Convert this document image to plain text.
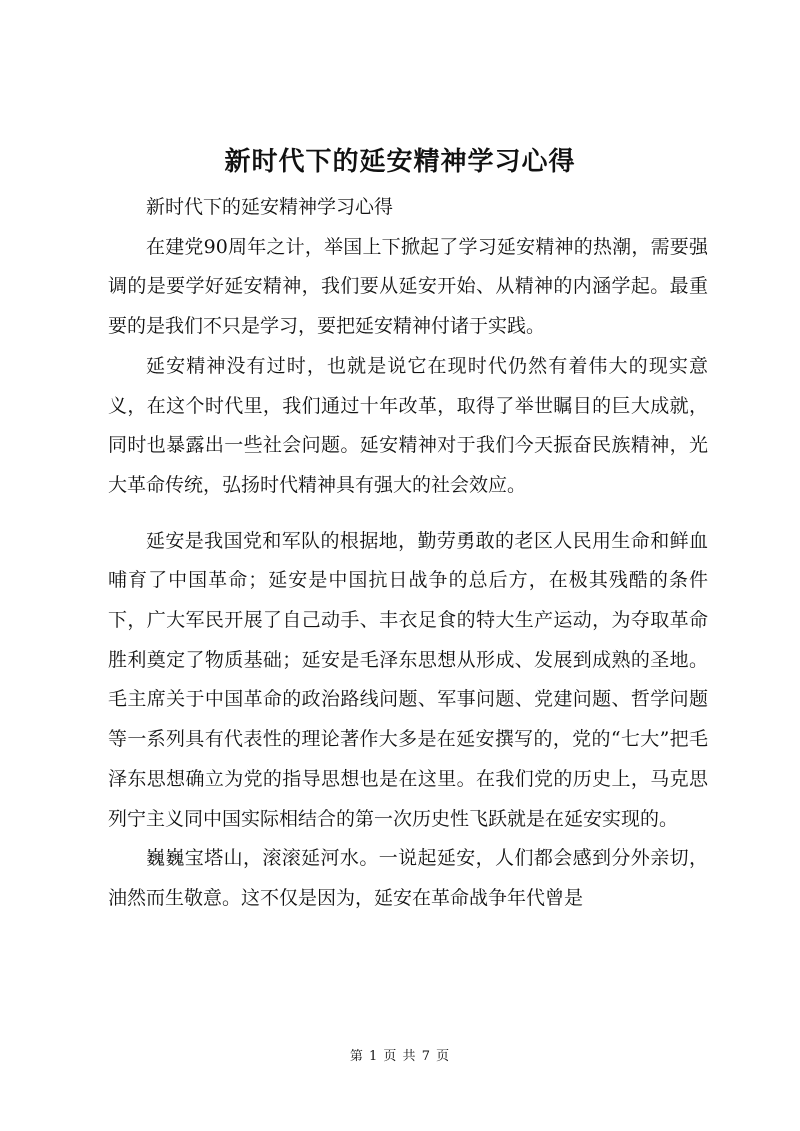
新时代下的延安精神学习心得

新时代下的延安精神学习心得

在建党90周年之计，举国上下掀起了学习延安精神的热潮，需要强调的是要学好延安精神，我们要从延安开始、从精神的内涵学起。最重要的是我们不只是学习，要把延安精神付诸于实践。

延安精神没有过时，也就是说它在现时代仍然有着伟大的现实意义，在这个时代里，我们通过十年改革，取得了举世瞩目的巨大成就，同时也暴露出一些社会问题。延安精神对于我们今天振奋民族精神，光大革命传统，弘扬时代精神具有强大的社会效应。

延安是我国党和军队的根据地，勤劳勇敢的老区人民用生命和鲜血哺育了中国革命；延安是中国抗日战争的总后方，在极其残酷的条件下，广大军民开展了自己动手、丰衣足食的特大生产运动，为夺取革命胜利奠定了物质基础；延安是毛泽东思想从形成、发展到成熟的圣地。毛主席关于中国革命的政治路线问题、军事问题、党建问题、哲学问题等一系列具有代表性的理论著作大多是在延安撰写的，党的“七大”把毛泽东思想确立为党的指导思想也是在这里。在我们党的历史上，马克思列宁主义同中国实际相结合的第一次历史性飞跃就是在延安实现的。

巍巍宝塔山，滚滚延河水。一说起延安，人们都会感到分外亲切，油然而生敬意。这不仅是因为，延安在革命战争年代曾是

第 1 页 共 7 页
